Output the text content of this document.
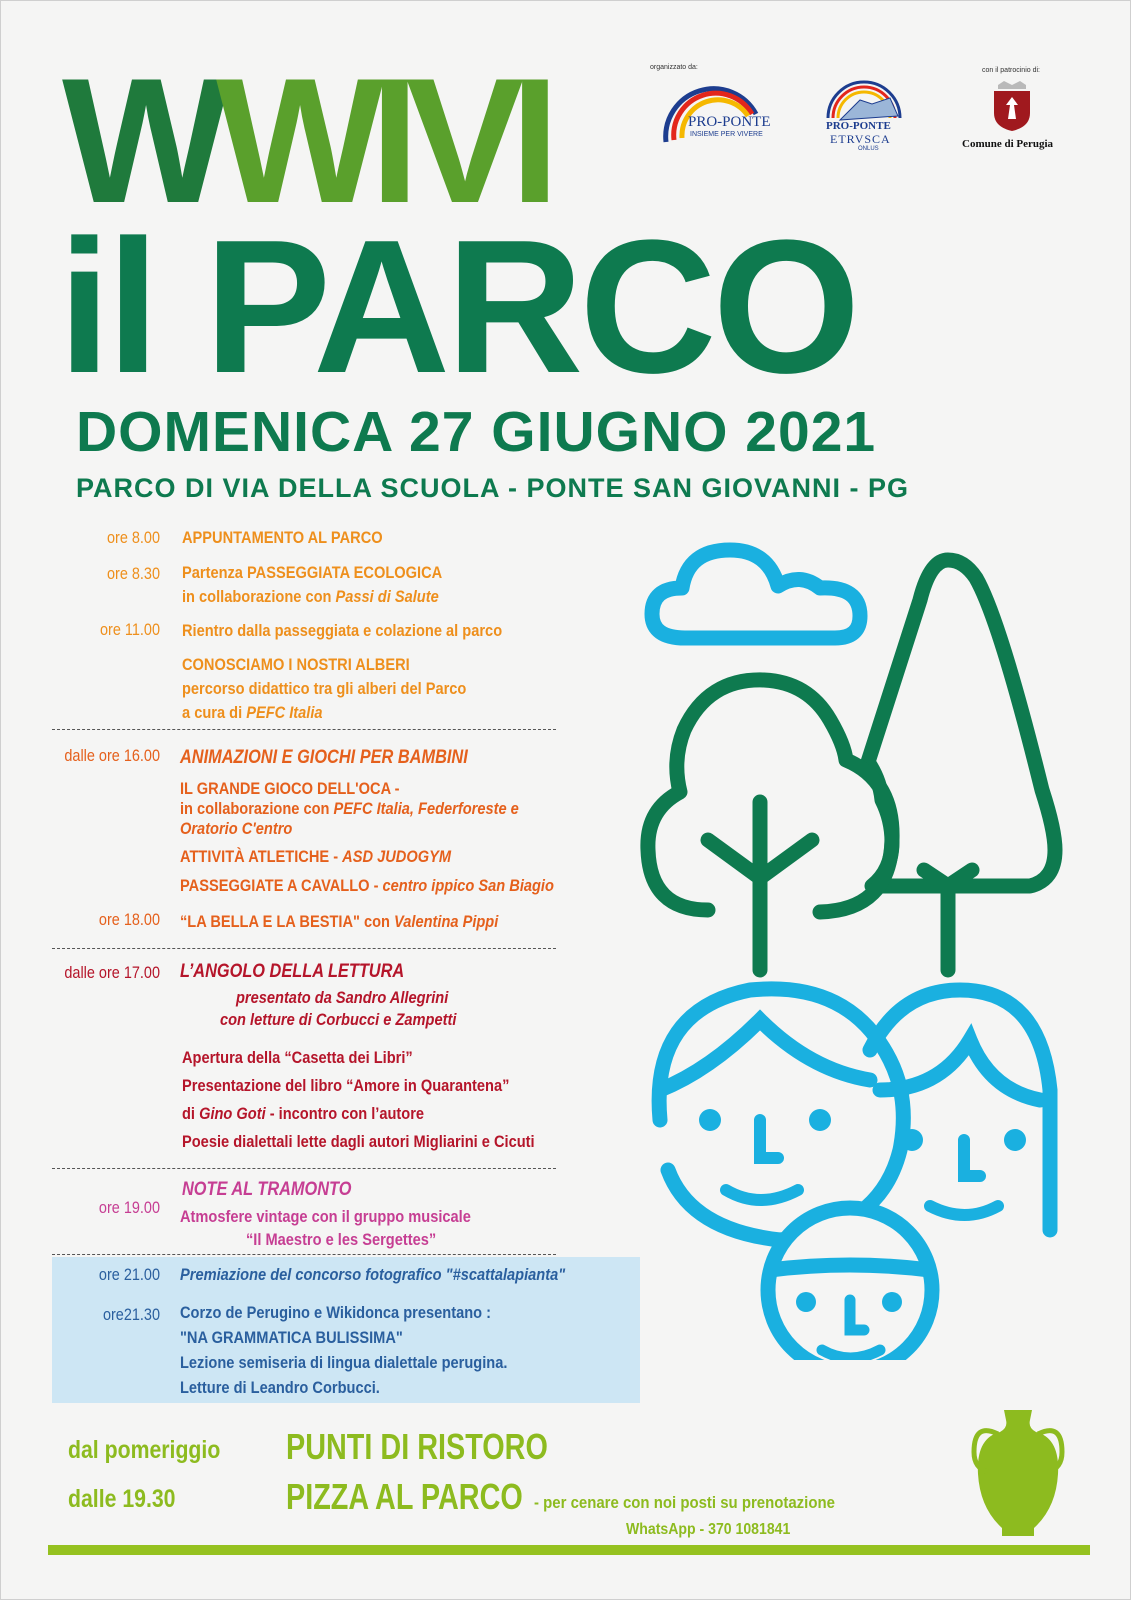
WWIVI
il PARCO
DOMENICA 27 GIUGNO 2021
PARCO DI VIA DELLA SCUOLA - PONTE SAN GIOVANNI - PG
organizzato da:
PRO-PONTE
INSIEME PER VIVERE
PRO-PONTE
ETRVSCA
ONLUS
con il patrocinio di:
Comune di Perugia
ore 8.00 APPUNTAMENTO AL PARCO
ore 8.30 Partenza PASSEGGIATA ECOLOGICA
in collaborazione con Passi di Salute
ore 11.00 Rientro dalla passeggiata e colazione al parco
CONOSCIAMO I NOSTRI ALBERI
percorso didattico tra gli alberi del Parco
a cura di PEFC Italia
dalle ore 16.00 ANIMAZIONI E GIOCHI PER BAMBINI
IL GRANDE GIOCO DELL'OCA -
in collaborazione con PEFC Italia, Federforeste e
Oratorio C'entro
ATTIVITÀ ATLETICHE - ASD JUDOGYM
PASSEGGIATE A CAVALLO - centro ippico San Biagio
ore 18.00 “LA BELLA E LA BESTIA" con Valentina Pippi
dalle ore 17.00 L’ANGOLO DELLA LETTURA
presentato da Sandro Allegrini
con letture di Corbucci e Zampetti
Apertura della “Casetta dei Libri”
Presentazione del libro “Amore in Quarantena”
di Gino Goti - incontro con l’autore
Poesie dialettali lette dagli autori Migliarini e Cicuti
ore 19.00
NOTE AL TRAMONTO
Atmosfere vintage con il gruppo musicale
“Il Maestro e les Sergettes”
ore 21.00 Premiazione del concorso fotografico "#scattalapianta"
ore21.30 Corzo de Perugino e Wikidonca presentano :
"NA GRAMMATICA BULISSIMA"
Lezione semiseria di lingua dialettale perugina.
Letture di Leandro Corbucci.
dal pomeriggio PUNTI DI RISTORO
dalle 19.30	PIZZA AL PARCO - per cenare con noi posti su prenotazione
WhatsApp - 370 1081841
